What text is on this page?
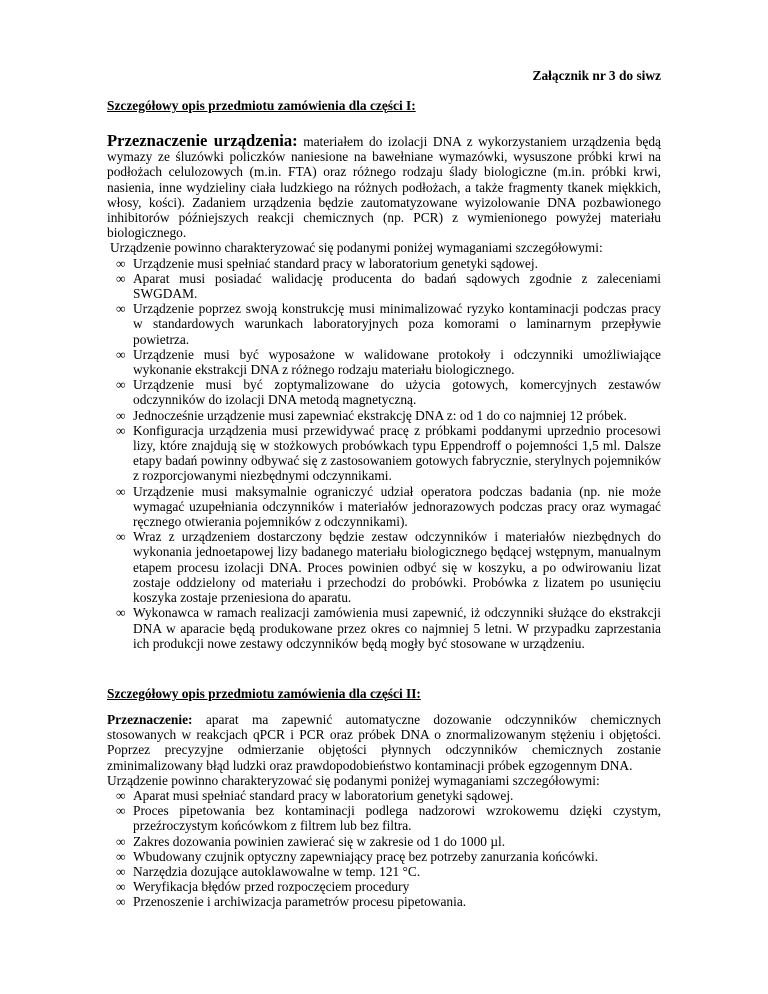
Załącznik nr 3 do siwz
Szczegółowy opis przedmiotu zamówienia dla części I:
Przeznaczenie urządzenia: materiałem do izolacji DNA z wykorzystaniem urządzenia będą wymazy ze śluzówki policzków naniesione na bawełniane wymazówki, wysuszone próbki krwi na podłożach celulozowych (m.in. FTA) oraz różnego rodzaju ślady biologiczne (m.in. próbki krwi, nasienia, inne wydzieliny ciała ludzkiego na różnych podłożach, a także fragmenty tkanek miękkich, włosy, kości). Zadaniem urządzenia będzie zautomatyzowane wyizolowanie DNA pozbawionego inhibitorów późniejszych reakcji chemicznych (np. PCR) z wymienionego powyżej materiału biologicznego.
Urządzenie powinno charakteryzować się podanymi poniżej wymaganiami szczegółowymi:
∞ Urządzenie musi spełniać standard pracy w laboratorium genetyki sądowej.
∞ Aparat musi posiadać walidację producenta do badań sądowych zgodnie z zaleceniami SWGDAM.
∞ Urządzenie poprzez swoją konstrukcję musi minimalizować ryzyko kontaminacji podczas pracy w standardowych warunkach laboratoryjnych poza komorami o laminarnym przepływie powietrza.
∞ Urządzenie musi być wyposażone w walidowane protokoły i odczynniki umożliwiające wykonanie ekstrakcji DNA z różnego rodzaju materiału biologicznego.
∞ Urządzenie musi być zoptymalizowane do użycia gotowych, komercyjnych zestawów odczynników do izolacji DNA metodą magnetyczną.
∞ Jednocześnie urządzenie musi zapewniać ekstrakcję DNA z: od 1 do co najmniej 12 próbek.
∞ Konfiguracja urządzenia musi przewidywać pracę z próbkami poddanymi uprzednio procesowi lizy, które znajdują się w stożkowych probówkach typu Eppendroff o pojemności 1,5 ml. Dalsze etapy badań powinny odbywać się z zastosowaniem gotowych fabrycznie, sterylnych pojemników z rozporcjowanymi niezbędnymi odczynnikami.
∞ Urządzenie musi maksymalnie ograniczyć udział operatora podczas badania (np. nie może wymagać uzupełniania odczynników i materiałów jednorazowych podczas pracy oraz wymagać ręcznego otwierania pojemników z odczynnikami).
∞ Wraz z urządzeniem dostarczony będzie zestaw odczynników i materiałów niezbędnych do wykonania jednoetapowej lizy badanego materiału biologicznego będącej wstępnym, manualnym etapem procesu izolacji DNA. Proces powinien odbyć się w koszyku, a po odwirowaniu lizat zostaje oddzielony od materiału i przechodzi do probówki. Probówka z lizatem po usunięciu koszyka zostaje przeniesiona do aparatu.
∞ Wykonawca w ramach realizacji zamówienia musi zapewnić, iż odczynniki służące do ekstrakcji DNA w aparacie będą produkowane przez okres co najmniej 5 letni. W przypadku zaprzestania ich produkcji nowe zestawy odczynników będą mogły być stosowane w urządzeniu.
Szczegółowy opis przedmiotu zamówienia dla części II:
Przeznaczenie: aparat ma zapewnić automatyczne dozowanie odczynników chemicznych stosowanych w reakcjach qPCR i PCR oraz próbek DNA o znormalizowanym stężeniu i objętości. Poprzez precyzyjne odmierzanie objętości płynnych odczynników chemicznych zostanie zminimalizowany błąd ludzki oraz prawdopodobieństwo kontaminacji próbek egzogennym DNA.
Urządzenie powinno charakteryzować się podanymi poniżej wymaganiami szczegółowymi:
∞ Aparat musi spełniać standard pracy w laboratorium genetyki sądowej.
∞ Proces pipetowania bez kontaminacji podlega nadzorowi wzrokowemu dzięki czystym, przeźroczystym końcówkom z filtrem lub bez filtra.
∞ Zakres dozowania powinien zawierać się w zakresie od 1 do 1000 µl.
∞ Wbudowany czujnik optyczny zapewniający pracę bez potrzeby zanurzania końcówki.
∞ Narzędzia dozujące autoklawowalne w temp. 121 °C.
∞ Weryfikacja błędów przed rozpoczęciem procedury
∞ Przenoszenie i archiwizacja parametrów procesu pipetowania.
